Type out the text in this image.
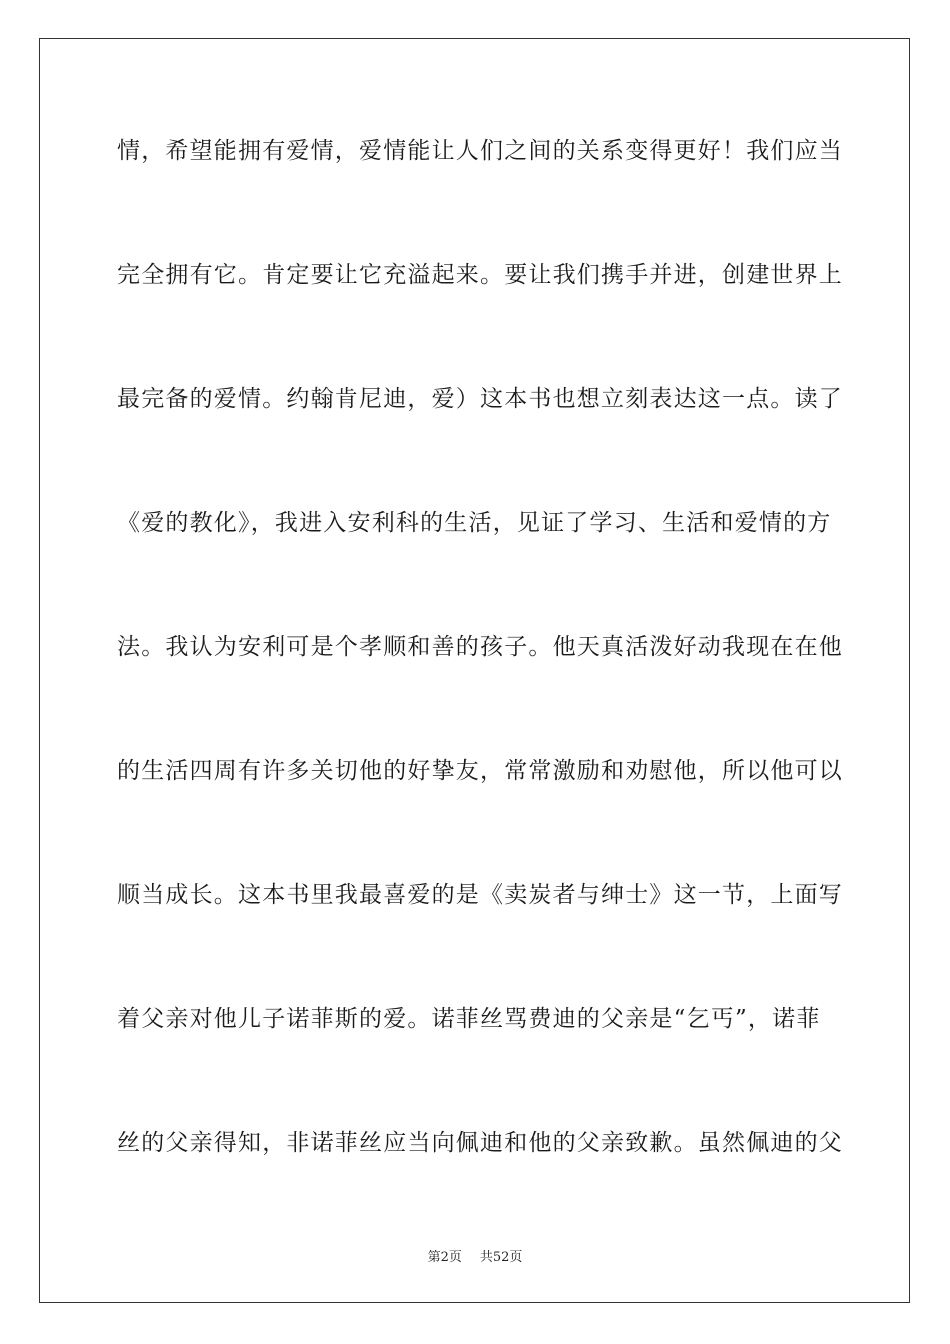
情，希望能拥有爱情，爱情能让人们之间的关系变得更好！我们应当
完全拥有它。肯定要让它充溢起来。要让我们携手并进，创建世界上
最完备的爱情。约翰肯尼迪，爱）这本书也想立刻表达这一点。读了
《爱的教化》，我进入安利科的生活，见证了学习、生活和爱情的方
法。我认为安利可是个孝顺和善的孩子。他天真活泼好动我现在在他
的生活四周有许多关切他的好挚友，常常激励和劝慰他，所以他可以
顺当成长。这本书里我最喜爱的是《卖炭者与绅士》这一节，上面写
着父亲对他儿子诺菲斯的爱。诺菲丝骂费迪的父亲是“乞丐”，诺菲
丝的父亲得知，非诺菲丝应当向佩迪和他的父亲致歉。虽然佩迪的父
第2页 共52页
